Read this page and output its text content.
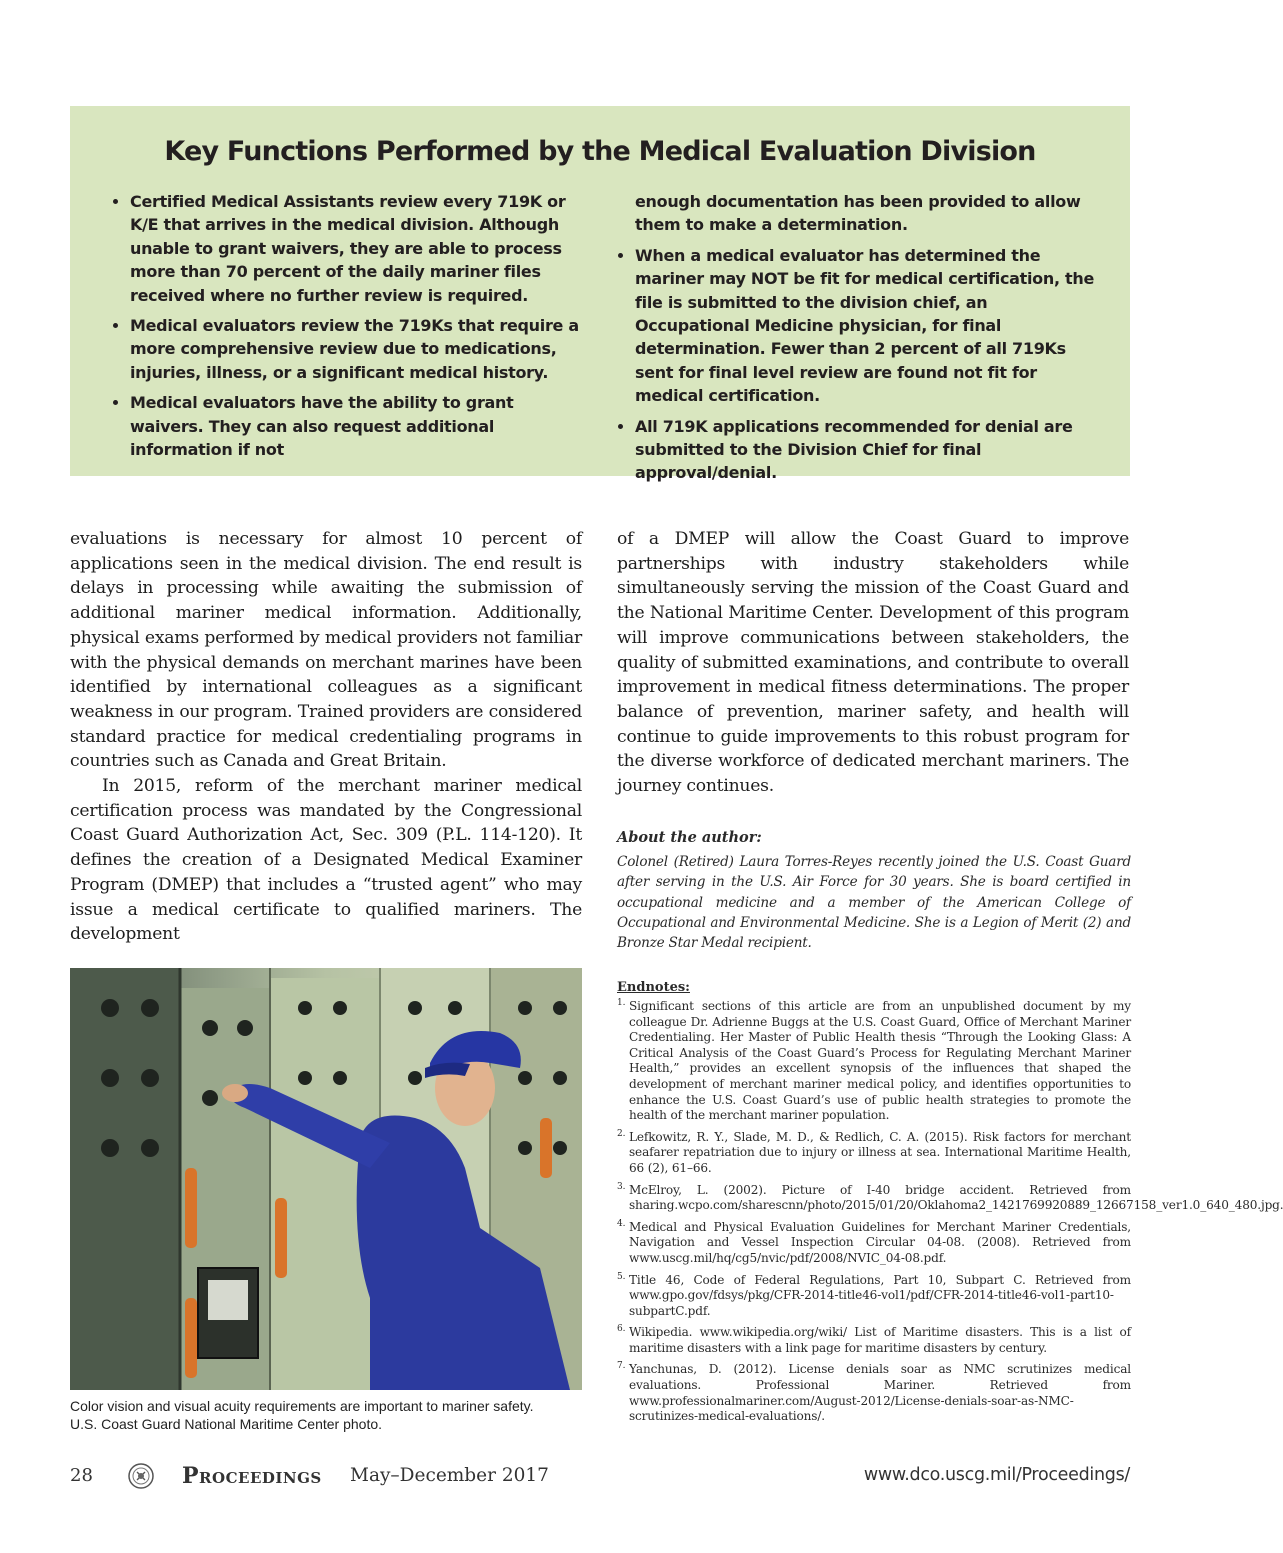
Key Functions Performed by the Medical Evaluation Division
• Certified Medical Assistants review every 719K or K/E that arrives in the medical division. Although unable to grant waivers, they are able to process more than 70 percent of the daily mariner files received where no further review is required.
• Medical evaluators review the 719Ks that require a more comprehensive review due to medications, injuries, illness, or a significant medical history.
• Medical evaluators have the ability to grant waivers. They can also request additional information if not
enough documentation has been provided to allow them to make a determination.
• When a medical evaluator has determined the mariner may NOT be fit for medical certification, the file is submitted to the division chief, an Occupational Medicine physician, for final determination. Fewer than 2 percent of all 719Ks sent for final level review are found not fit for medical certification.
• All 719K applications recommended for denial are submitted to the Division Chief for final approval/denial.

evaluations is necessary for almost 10 percent of applications seen in the medical division. The end result is delays in processing while awaiting the submission of additional mariner medical information. Additionally, physical exams performed by medical providers not familiar with the physical demands on merchant marines have been identified by international colleagues as a significant weakness in our program. Trained providers are considered standard practice for medical credentialing programs in countries such as Canada and Great Britain.

In 2015, reform of the merchant mariner medical certification process was mandated by the Congressional Coast Guard Authorization Act, Sec. 309 (P.L. 114-120). It defines the creation of a Designated Medical Examiner Program (DMEP) that includes a “trusted agent” who may issue a medical certificate to qualified mariners. The development

of a DMEP will allow the Coast Guard to improve partnerships with industry stakeholders while simultaneously serving the mission of the Coast Guard and the National Maritime Center. Development of this program will improve communications between stakeholders, the quality of submitted examinations, and contribute to overall improvement in medical fitness determinations. The proper balance of prevention, mariner safety, and health will continue to guide improvements to this robust program for the diverse workforce of dedicated merchant mariners. The journey continues.

About the author:

Colonel (Retired) Laura Torres-Reyes recently joined the U.S. Coast Guard after serving in the U.S. Air Force for 30 years. She is board certified in occupational medicine and a member of the American College of Occupational and Environmental Medicine. She is a Legion of Merit (2) and Bronze Star Medal recipient.

Color vision and visual acuity requirements are important to mariner safety.

U.S. Coast Guard National Maritime Center photo.

Endnotes:

1. Significant sections of this article are from an unpublished document by my colleague Dr. Adrienne Buggs at the U.S. Coast Guard, Office of Merchant Mariner Credentialing. Her Master of Public Health thesis “Through the Looking Glass: A Critical Analysis of the Coast Guard’s Process for Regulating Merchant Mariner Health,” provides an excellent synopsis of the influences that shaped the development of merchant mariner medical policy, and identifies opportunities to enhance the U.S. Coast Guard’s use of public health strategies to promote the health of the merchant mariner population.

2. Lefkowitz, R. Y., Slade, M. D., & Redlich, C. A. (2015). Risk factors for merchant seafarer repatriation due to injury or illness at sea. International Maritime Health, 66 (2), 61–66.

3. McElroy, L. (2002). Picture of I-40 bridge accident. Retrieved from sharing.wcpo.com/sharescnn/photo/2015/01/20/Oklahoma2_1421769920889_12667158_ver1.0_640_480.jpg.

4. Medical and Physical Evaluation Guidelines for Merchant Mariner Credentials, Navigation and Vessel Inspection Circular 04-08. (2008). Retrieved from www.uscg.mil/hq/cg5/nvic/pdf/2008/NVIC_04-08.pdf.

5. Title 46, Code of Federal Regulations, Part 10, Subpart C. Retrieved from www.gpo.gov/fdsys/pkg/CFR-2014-title46-vol1/pdf/CFR-2014-title46-vol1-part10-subpartC.pdf.

6. Wikipedia. www.wikipedia.org/wiki/ List of Maritime disasters. This is a list of maritime disasters with a link page for maritime disasters by century.

7. Yanchunas, D. (2012). License denials soar as NMC scrutinizes medical evaluations. Professional Mariner. Retrieved from www.professionalmariner.com/August-2012/License-denials-soar-as-NMC-scrutinizes-medical-evaluations/.

28	Proceedings May–December 2017	www.dco.uscg.mil/Proceedings/
